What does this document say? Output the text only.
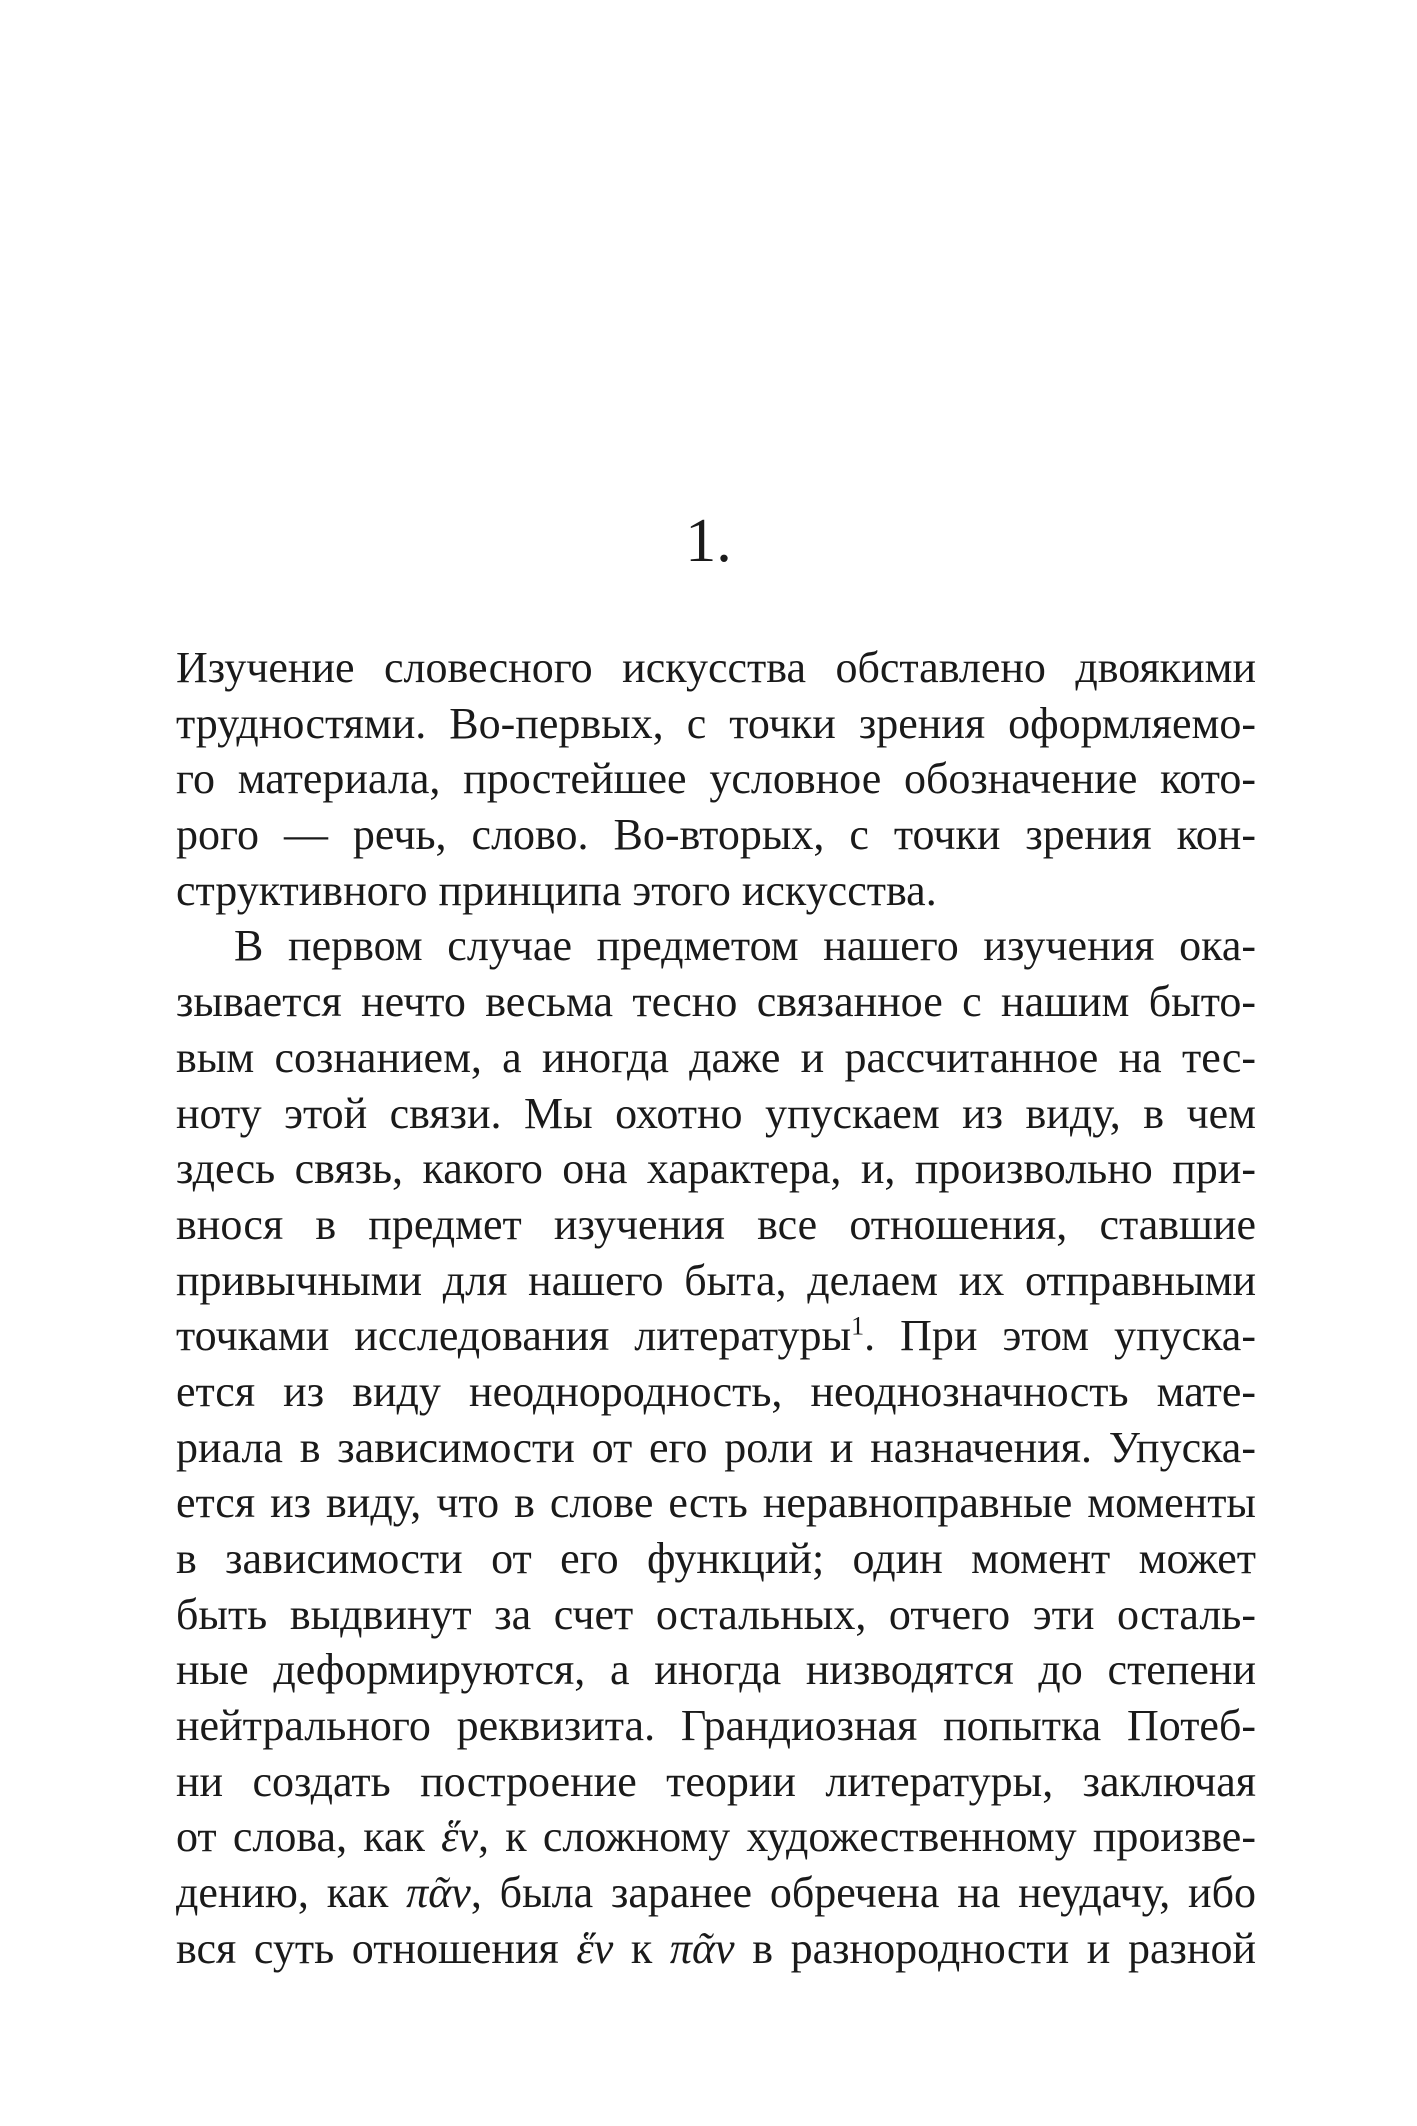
1.
Изучение словесного искусства обставлено двоякими
трудностями. Во-первых, с точки зрения оформляемо-
го материала, простейшее условное обозначение кото-
рого — речь, слово. Во-вторых, с точки зрения кон-
структивного принципа этого искусства.
В первом случае предметом нашего изучения ока-
зывается нечто весьма тесно связанное с нашим быто-
вым сознанием, а иногда даже и рассчитанное на тес-
ноту этой связи. Мы охотно упускаем из виду, в чем
здесь связь, какого она характера, и, произвольно при-
внося в предмет изучения все отношения, ставшие
привычными для нашего быта, делаем их отправными
точками исследования литературы$^1$. При этом упуска-
ется из виду неоднородность, неоднозначность мате-
риала в зависимости от его роли и назначения. Упуска-
ется из виду, что в слове есть неравноправные моменты
в зависимости от его функций; один момент может
быть выдвинут за счет остальных, отчего эти осталь-
ные деформируются, а иногда низводятся до степени
нейтрального реквизита. Грандиозная попытка Потеб-
ни создать построение теории литературы, заключая
от слова, как ἕν, к сложному художественному произве-
дению, как πᾶν, была заранее обречена на неудачу, ибо
вся суть отношения ἕν к πᾶν в разнородности и разной
